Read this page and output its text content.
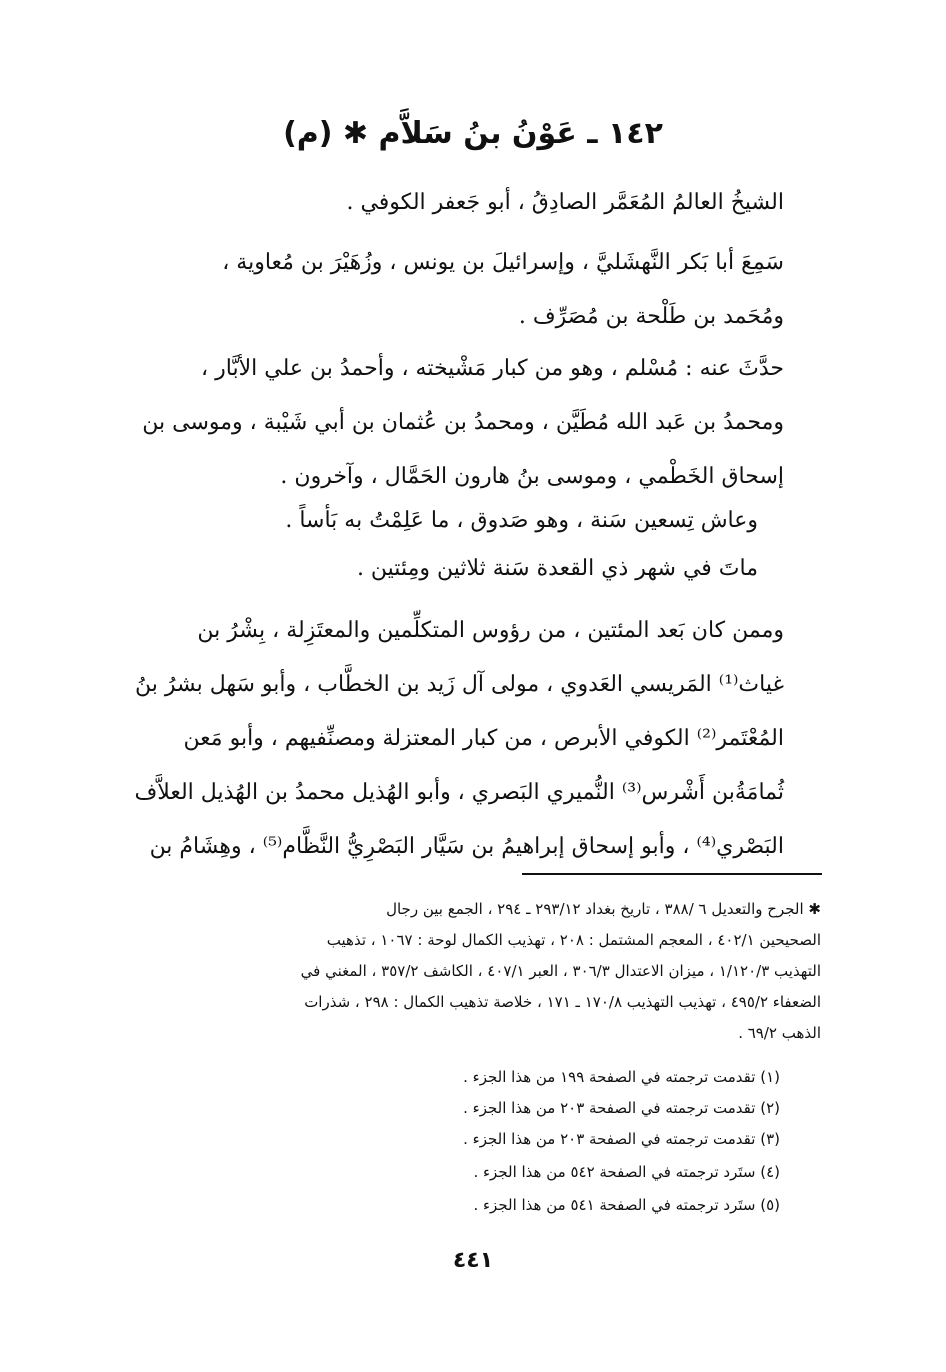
١٤٢ ـ عَوْنُ بنُ سَلاَّم ✱ (م)
الشيخُ العالمُ المُعَمَّر الصادِقُ ، أبو جَعفر الكوفي .
سَمِعَ أبا بَكر النَّهشَليَّ ، وإسرائيلَ بن يونس ، وزُهَيْرَ بن مُعاوية ،
ومُحَمد بن طَلْحة بن مُصَرِّف .
حدَّثَ عنه : مُسْلم ، وهو من كبار مَشْيخته ، وأحمدُ بن علي الأبَّار ،
ومحمدُ بن عَبد الله مُطَيَّن ، ومحمدُ بن عُثمان بن أبي شَيْبة ، وموسى بن
إسحاق الخَطْمي ، وموسى بنُ هارون الحَمَّال ، وآخرون .
وعاش تِسعين سَنة ، وهو صَدوق ، ما عَلِمْتُ به بَأساً .
ماتَ في شهر ذي القعدة سَنة ثلاثين ومِئتين .
وممن كان بَعد المئتين ، من رؤوس المتكلِّمين والمعتَزِلة ، بِشْرُ بن
غياث⁽¹⁾ المَريسي العَدوي ، مولى آل زَيد بن الخطَّاب ، وأبو سَهل بشرُ بنُ
المُعْتَمر⁽²⁾ الكوفي الأبرص ، من كبار المعتزلة ومصنِّفيهم ، وأبو مَعن
ثُمامَةُبن أَشْرس⁽³⁾ النُّميري البَصري ، وأبو الهُذيل محمدُ بن الهُذيل العلاَّف
البَصْري⁽⁴⁾ ، وأبو إسحاق إبراهيمُ بن سَيَّار البَصْرِيُّ النَّظَّام⁽⁵⁾ ، وهِشَامُ بن
✱ الجرح والتعديل ٦ /٣٨٨ ، تاريخ بغداد ٢٩٣/١٢ ـ ٢٩٤ ، الجمع بين رجال
الصحيحين ٤٠٢/١ ، المعجم المشتمل : ٢٠٨ ، تهذيب الكمال لوحة : ١٠٦٧ ، تذهيب
التهذيب ١/١٢٠/٣ ، ميزان الاعتدال ٣٠٦/٣ ، العبر ٤٠٧/١ ، الكاشف ٣٥٧/٢ ، المغني في
الضعفاء ٤٩٥/٢ ، تهذيب التهذيب ١٧٠/٨ ـ ١٧١ ، خلاصة تذهيب الكمال : ٢٩٨ ، شذرات
الذهب ٦٩/٢ .
(١) تقدمت ترجمته في الصفحة ١٩٩ من هذا الجزء .
(٢) تقدمت ترجمته في الصفحة ٢٠٣ من هذا الجزء .
(٣) تقدمت ترجمته في الصفحة ٢٠٣ من هذا الجزء .
(٤) ستَرد ترجمته في الصفحة ٥٤٢ من هذا الجزء .
(٥) ستَرد ترجمته في الصفحة ٥٤١ من هذا الجزء .
٤٤١
